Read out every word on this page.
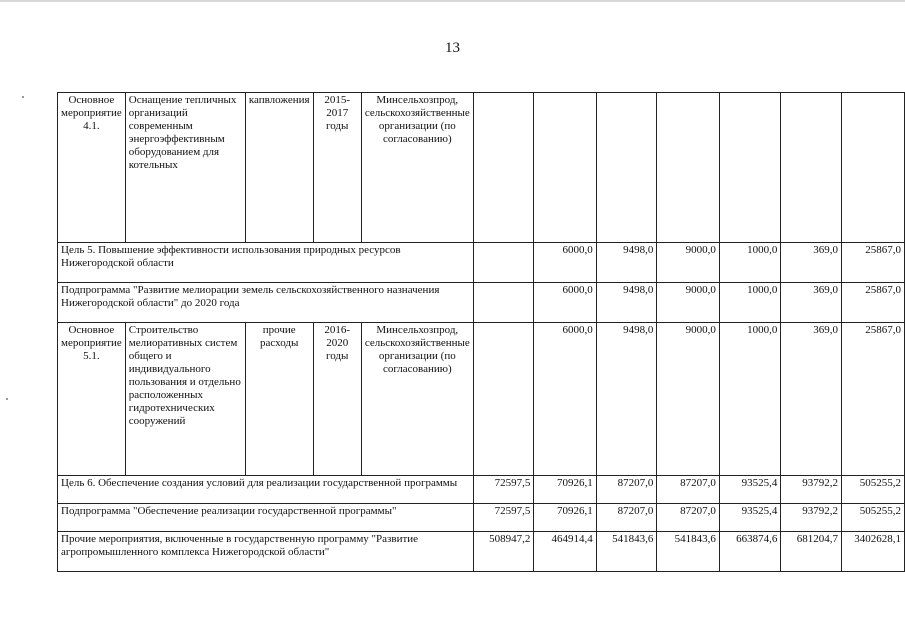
13
Основное мероприятие 4.1.	Оснащение тепличных организаций современным энергоэффективным оборудованием для котельных	капвложения	2015-2017 годы	Минсельхозпрод, сельскохозяйственные организации (по согласованию)							
Цель 5. Повышение эффективности использования природных ресурсов Нижегородской области						6000,0	9498,0	9000,0	1000,0	369,0	25867,0
Подпрограмма "Развитие мелиорации земель сельскохозяйственного назначения Нижегородской области" до 2020 года						6000,0	9498,0	9000,0	1000,0	369,0	25867,0
Основное мероприятие 5.1.	Строительство мелиоративных систем общего и индивидуального пользования и отдельно расположенных гидротехнических сооружений	прочие расходы	2016-2020 годы	Минсельхозпрод, сельскохозяйственные организации (по согласованию)		6000,0	9498,0	9000,0	1000,0	369,0	25867,0
Цель 6. Обеспечение создания условий для реализации государственной программы					72597,5	70926,1	87207,0	87207,0	93525,4	93792,2	505255,2
Подпрограмма "Обеспечение реализации государственной программы"					72597,5	70926,1	87207,0	87207,0	93525,4	93792,2	505255,2
Прочие мероприятия, включенные в государственную программу "Развитие агропромышленного комплекса Нижегородской области"					508947,2	464914,4	541843,6	541843,6	663874,6	681204,7	3402628,1
